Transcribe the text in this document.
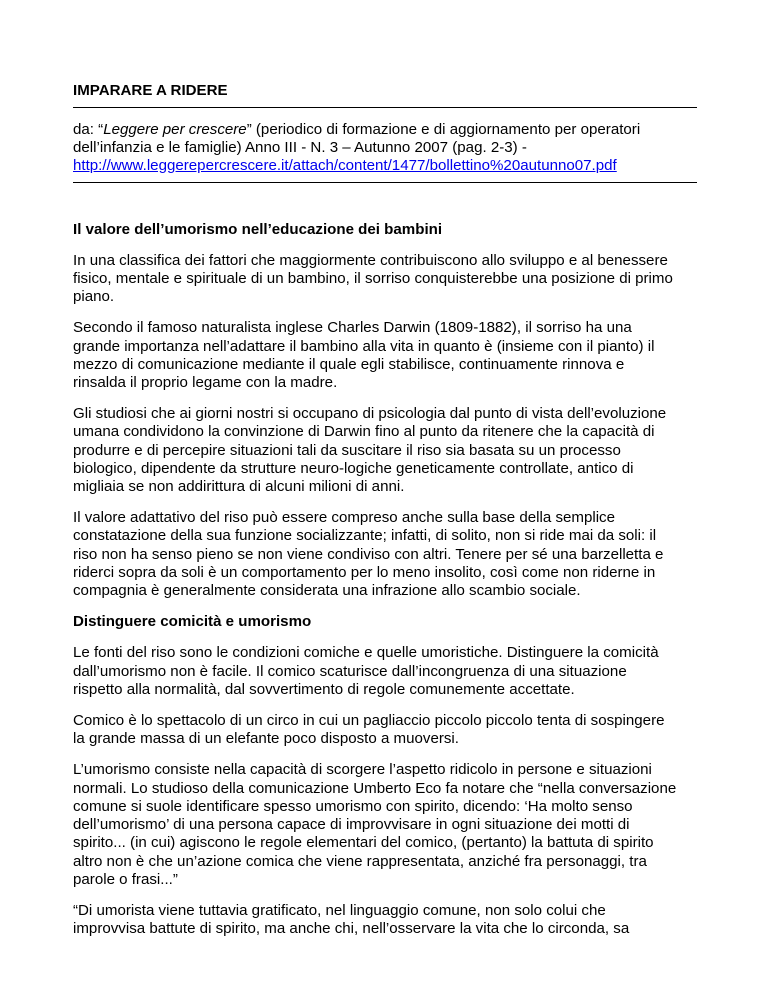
IMPARARE A RIDERE
da: “Leggere per crescere” (periodico di formazione e di aggiornamento per operatori
dell’infanzia e le famiglie) Anno III - N. 3 – Autunno 2007 (pag. 2-3) -
http://www.leggerepercrescere.it/attach/content/1477/bollettino%20autunno07.pdf
Il valore dell’umorismo nell’educazione dei bambini

In una classifica dei fattori che maggiormente contribuiscono allo sviluppo e al benessere
fisico, mentale e spirituale di un bambino, il sorriso conquisterebbe una posizione di primo
piano.

Secondo il famoso naturalista inglese Charles Darwin (1809-1882), il sorriso ha una
grande importanza nell’adattare il bambino alla vita in quanto è (insieme con il pianto) il
mezzo di comunicazione mediante il quale egli stabilisce, continuamente rinnova e
rinsalda il proprio legame con la madre.

Gli studiosi che ai giorni nostri si occupano di psicologia dal punto di vista dell’evoluzione
umana condividono la convinzione di Darwin fino al punto da ritenere che la capacità di
produrre e di percepire situazioni tali da suscitare il riso sia basata su un processo
biologico, dipendente da strutture neuro-logiche geneticamente controllate, antico di
migliaia se non addirittura di alcuni milioni di anni.

Il valore adattativo del riso può essere compreso anche sulla base della semplice
constatazione della sua funzione socializzante; infatti, di solito, non si ride mai da soli: il
riso non ha senso pieno se non viene condiviso con altri. Tenere per sé una barzelletta e
riderci sopra da soli è un comportamento per lo meno insolito, così come non riderne in
compagnia è generalmente considerata una infrazione allo scambio sociale.

Distinguere comicità e umorismo

Le fonti del riso sono le condizioni comiche e quelle umoristiche. Distinguere la comicità
dall’umorismo non è facile. Il comico scaturisce dall’incongruenza di una situazione
rispetto alla normalità, dal sovvertimento di regole comunemente accettate.

Comico è lo spettacolo di un circo in cui un pagliaccio piccolo piccolo tenta di sospingere
la grande massa di un elefante poco disposto a muoversi.

L’umorismo consiste nella capacità di scorgere l’aspetto ridicolo in persone e situazioni
normali. Lo studioso della comunicazione Umberto Eco fa notare che “nella conversazione
comune si suole identificare spesso umorismo con spirito, dicendo: ‘Ha molto senso
dell’umorismo’ di una persona capace di improvvisare in ogni situazione dei motti di
spirito... (in cui) agiscono le regole elementari del comico, (pertanto) la battuta di spirito
altro non è che un’azione comica che viene rappresentata, anziché fra personaggi, tra
parole o frasi...”

“Di umorista viene tuttavia gratificato, nel linguaggio comune, non solo colui che
improvvisa battute di spirito, ma anche chi, nell’osservare la vita che lo circonda, sa
